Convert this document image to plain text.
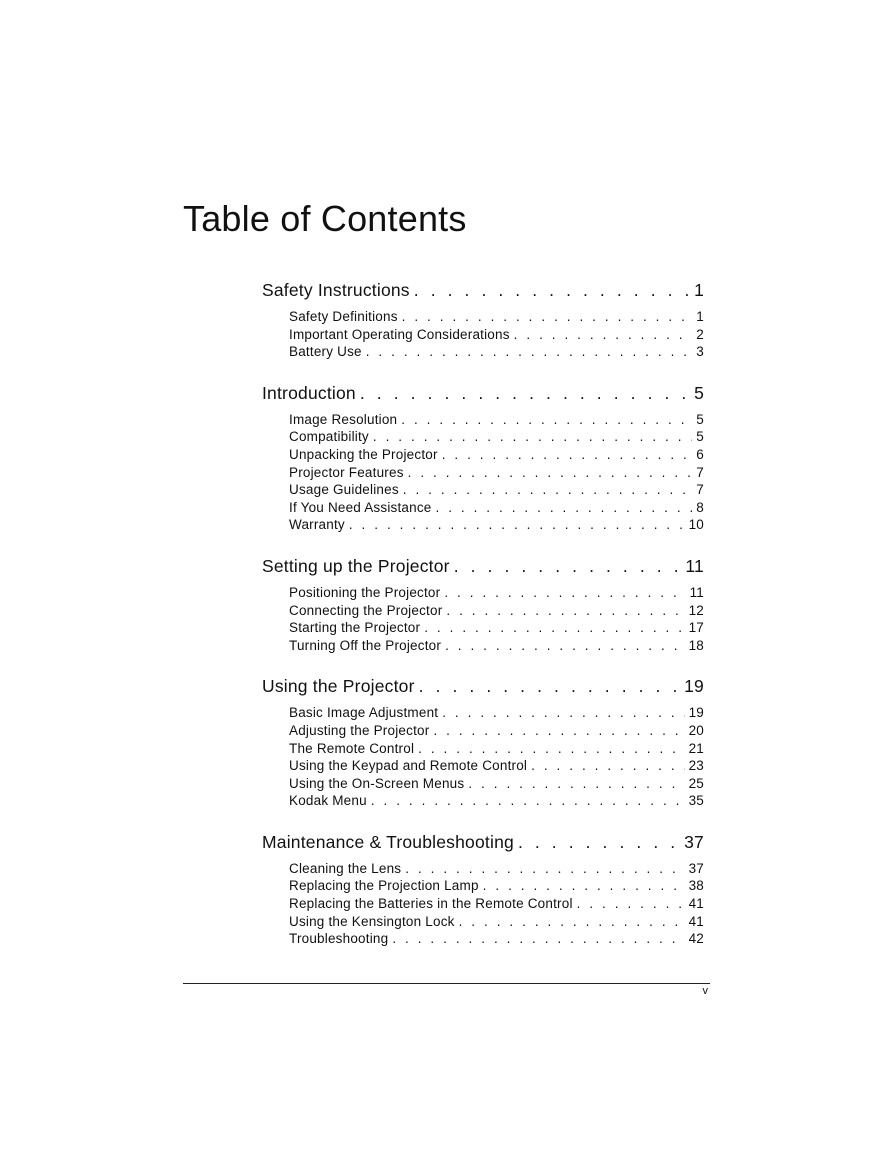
Table of Contents
Safety Instructions . . .	1
Safety Definitions . . .	1
Important Operating Considerations . . .	2
Battery Use . . .	3
Introduction . . .	5
Image Resolution . . .	5
Compatibility . . .	5
Unpacking the Projector . . .	6
Projector Features . . .	7
Usage Guidelines . . .	7
If You Need Assistance . . .	8
Warranty . . .	10
Setting up the Projector . . .	11
Positioning the Projector . . .	11
Connecting the Projector . . .	12
Starting the Projector . . .	17
Turning Off the Projector . . .	18
Using the Projector . . .	19
Basic Image Adjustment . . .	19
Adjusting the Projector . . .	20
The Remote Control . . .	21
Using the Keypad and Remote Control . . .	23
Using the On-Screen Menus . . .	25
Kodak Menu . . .	35
Maintenance & Troubleshooting . . .	37
Cleaning the Lens . . .	37
Replacing the Projection Lamp . . .	38
Replacing the Batteries in the Remote Control . . .	41
Using the Kensington Lock . . .	41
Troubleshooting . . .	42
v
